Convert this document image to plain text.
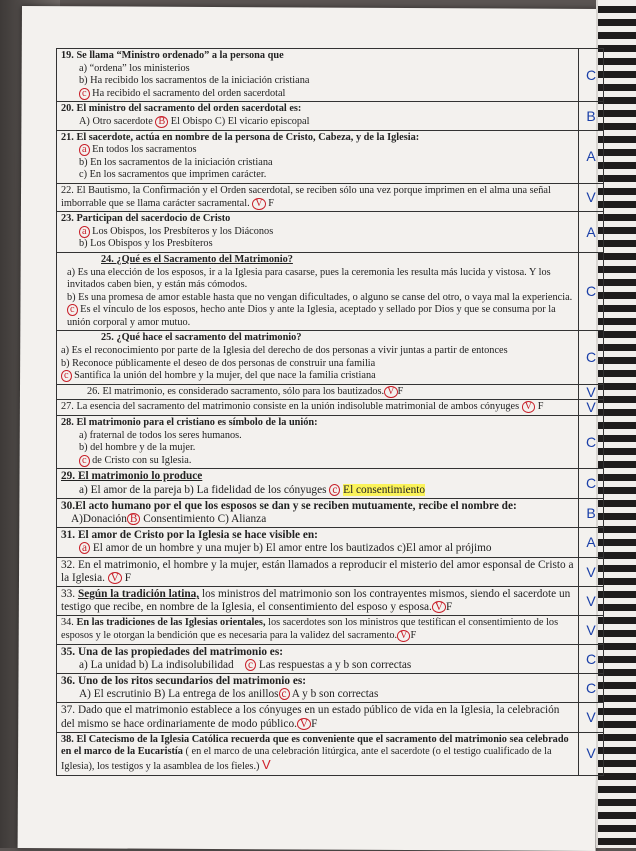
19. Se llama “Ministro ordenado” a la persona que
a) “ordena” los ministerios
b) Ha recibido los sacramentos de la iniciación cristiana
c Ha recibido el sacramento del orden sacerdotal	C

20. El ministro del sacramento del orden sacerdotal es:
A) Otro sacerdote B El Obispo C) El vicario episcopal	B

21. El sacerdote, actúa en nombre de la persona de Cristo, Cabeza, y de la Iglesia:
a En todos los sacramentos
b) En los sacramentos de la iniciación cristiana
c) En los sacramentos que imprimen carácter.	A
22. El Bautismo, la Confirmación y el Orden sacerdotal, se reciben sólo una vez porque imprimen en el alma una señal imborrable que se llama carácter sacramental. V F	V

23. Participan del sacerdocio de Cristo
a Los Obispos, los Presbíteros y los Diáconos
b) Los Obispos y los Presbíteros	A

24. ¿Qué es el Sacramento del Matrimonio?
a) Es una elección de los esposos, ir a la Iglesia para casarse, pues la ceremonia les resulta más lucida y vistosa. Y los invitados caben bien, y están más cómodos.
b) Es una promesa de amor estable hasta que no vengan dificultades, o alguno se canse del otro, o vaya mal la experiencia.
c Es el vínculo de los esposos, hecho ante Dios y ante la Iglesia, aceptado y sellado por Dios y que se consuma por la unión corporal y amor mutuo.	C

25. ¿Qué hace el sacramento del matrimonio?
a) Es el reconocimiento por parte de la Iglesia del derecho de dos personas a vivir juntas a partir de entonces
b) Reconoce públicamente el deseo de dos personas de construir una familia
c Santifica la unión del hombre y la mujer, del que nace la familia cristiana	C
26. El matrimonio, es considerado sacramento, sólo para los bautizados. V F	V
27. La esencia del sacramento del matrimonio consiste en la unión indisoluble matrimonial de ambos cónyuges V F	V

28. El matrimonio para el cristiano es símbolo de la unión:
a) fraternal de todos los seres humanos.
b) del hombre y de la mujer.
c de Cristo con su Iglesia.	C

29. El matrimonio lo produce
a) El amor de la pareja b) La fidelidad de los cónyuges c El consentimiento	C

30.El acto humano por el que los esposos se dan y se reciben mutuamente, recibe el nombre de:
A)Donación B Consentimiento C) Alianza	B

31. El amor de Cristo por la Iglesia se hace visible en:
a El amor de un hombre y una mujer b) El amor entre los bautizados c)El amor al prójimo	A
32. En el matrimonio, el hombre y la mujer, están llamados a reproducir el misterio del amor esponsal de Cristo a la Iglesia. V F	V
33. Según la tradición latina, los ministros del matrimonio son los contrayentes mismos, siendo el sacerdote un testigo que recibe, en nombre de la Iglesia, el consentimiento del esposo y esposa. V F	V
34. En las tradiciones de las Iglesias orientales, los sacerdotes son los ministros que testifican el consentimiento de los esposos y le otorgan la bendición que es necesaria para la validez del sacramento. V F	V

35. Una de las propiedades del matrimonio es:
a) La unidad b) La indisolubilidad c Las respuestas a y b son correctas	C

36. Uno de los ritos secundarios del matrimonio es:
A) El escrutinio B) La entrega de los anillos c A y b son correctas	C
37. Dado que el matrimonio establece a los cónyuges en un estado público de vida en la Iglesia, la celebración del mismo se hace ordinariamente de modo público. V F	V
38. El Catecismo de la Iglesia Católica recuerda que es conveniente que el sacramento del matrimonio sea celebrado en el marco de la Eucaristía ( en el marco de una celebración litúrgica, ante el sacerdote (o el testigo cualificado de la Iglesia), los testigos y la asamblea de los fieles.) V	V
